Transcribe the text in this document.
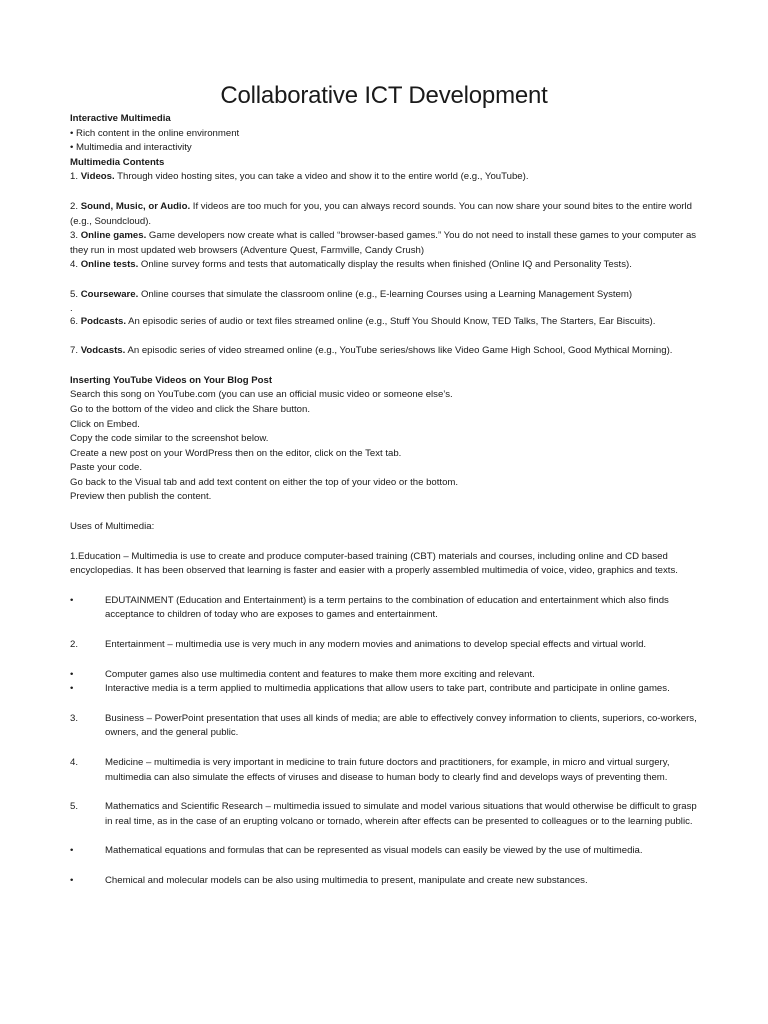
Collaborative ICT Development

Interactive Multimedia

• Rich content in the online environment

• Multimedia and interactivity

Multimedia Contents

1. Videos. Through video hosting sites, you can take a video and show it to the entire world (e.g., YouTube).

2. Sound, Music, or Audio. If videos are too much for you, you can always record sounds. You can now share your sound bites to the entire world (e.g., Soundcloud).

3. Online games. Game developers now create what is called “browser-based games.” You do not need to install these games to your computer as they run in most updated web browsers (Adventure Quest, Farmville, Candy Crush)

4. Online tests. Online survey forms and tests that automatically display the results when finished (Online IQ and Personality Tests).

5. Courseware. Online courses that simulate the classroom online (e.g., E-learning Courses using a Learning Management System)

.

6. Podcasts. An episodic series of audio or text files streamed online (e.g., Stuff You Should Know, TED Talks, The Starters, Ear Biscuits).

7. Vodcasts. An episodic series of video streamed online (e.g., YouTube series/shows like Video Game High School, Good Mythical Morning).

Inserting YouTube Videos on Your Blog Post

Search this song on YouTube.com (you can use an official music video or someone else’s.

Go to the bottom of the video and click the Share button.

Click on Embed.

Copy the code similar to the screenshot below.

Create a new post on your WordPress then on the editor, click on the Text tab.

Paste your code.

Go back to the Visual tab and add text content on either the top of your video or the bottom.

Preview then publish the content.

Uses of Multimedia:

1.Education – Multimedia is use to create and produce computer-based training (CBT) materials and courses, including online and CD based encyclopedias. It has been observed that learning is faster and easier with a properly assembled multimedia of voice, video, graphics and texts.

•	EDUTAINMENT (Education and Entertainment) is a term pertains to the combination of education and entertainment which also finds acceptance to children of today who are exposes to games and entertainment.
2.	Entertainment – multimedia use is very much in any modern movies and animations to develop special effects and virtual world.
•	Computer games also use multimedia content and features to make them more exciting and relevant.
•	Interactive media is a term applied to multimedia applications that allow users to take part, contribute and participate in online games.
3.	Business – PowerPoint presentation that uses all kinds of media; are able to effectively convey information to clients, superiors, co-workers, owners, and the general public.
4.	Medicine – multimedia is very important in medicine to train future doctors and practitioners, for example, in micro and virtual surgery, multimedia can also simulate the effects of viruses and disease to human body to clearly find and develops ways of preventing them.
5.	Mathematics and Scientific Research – multimedia issued to simulate and model various situations that would otherwise be difficult to grasp in real time, as in the case of an erupting volcano or tornado, wherein after effects can be presented to colleagues or to the learning public.
•	Mathematical equations and formulas that can be represented as visual models can easily be viewed by the use of multimedia.
•	Chemical and molecular models can be also using multimedia to present, manipulate and create new substances.
